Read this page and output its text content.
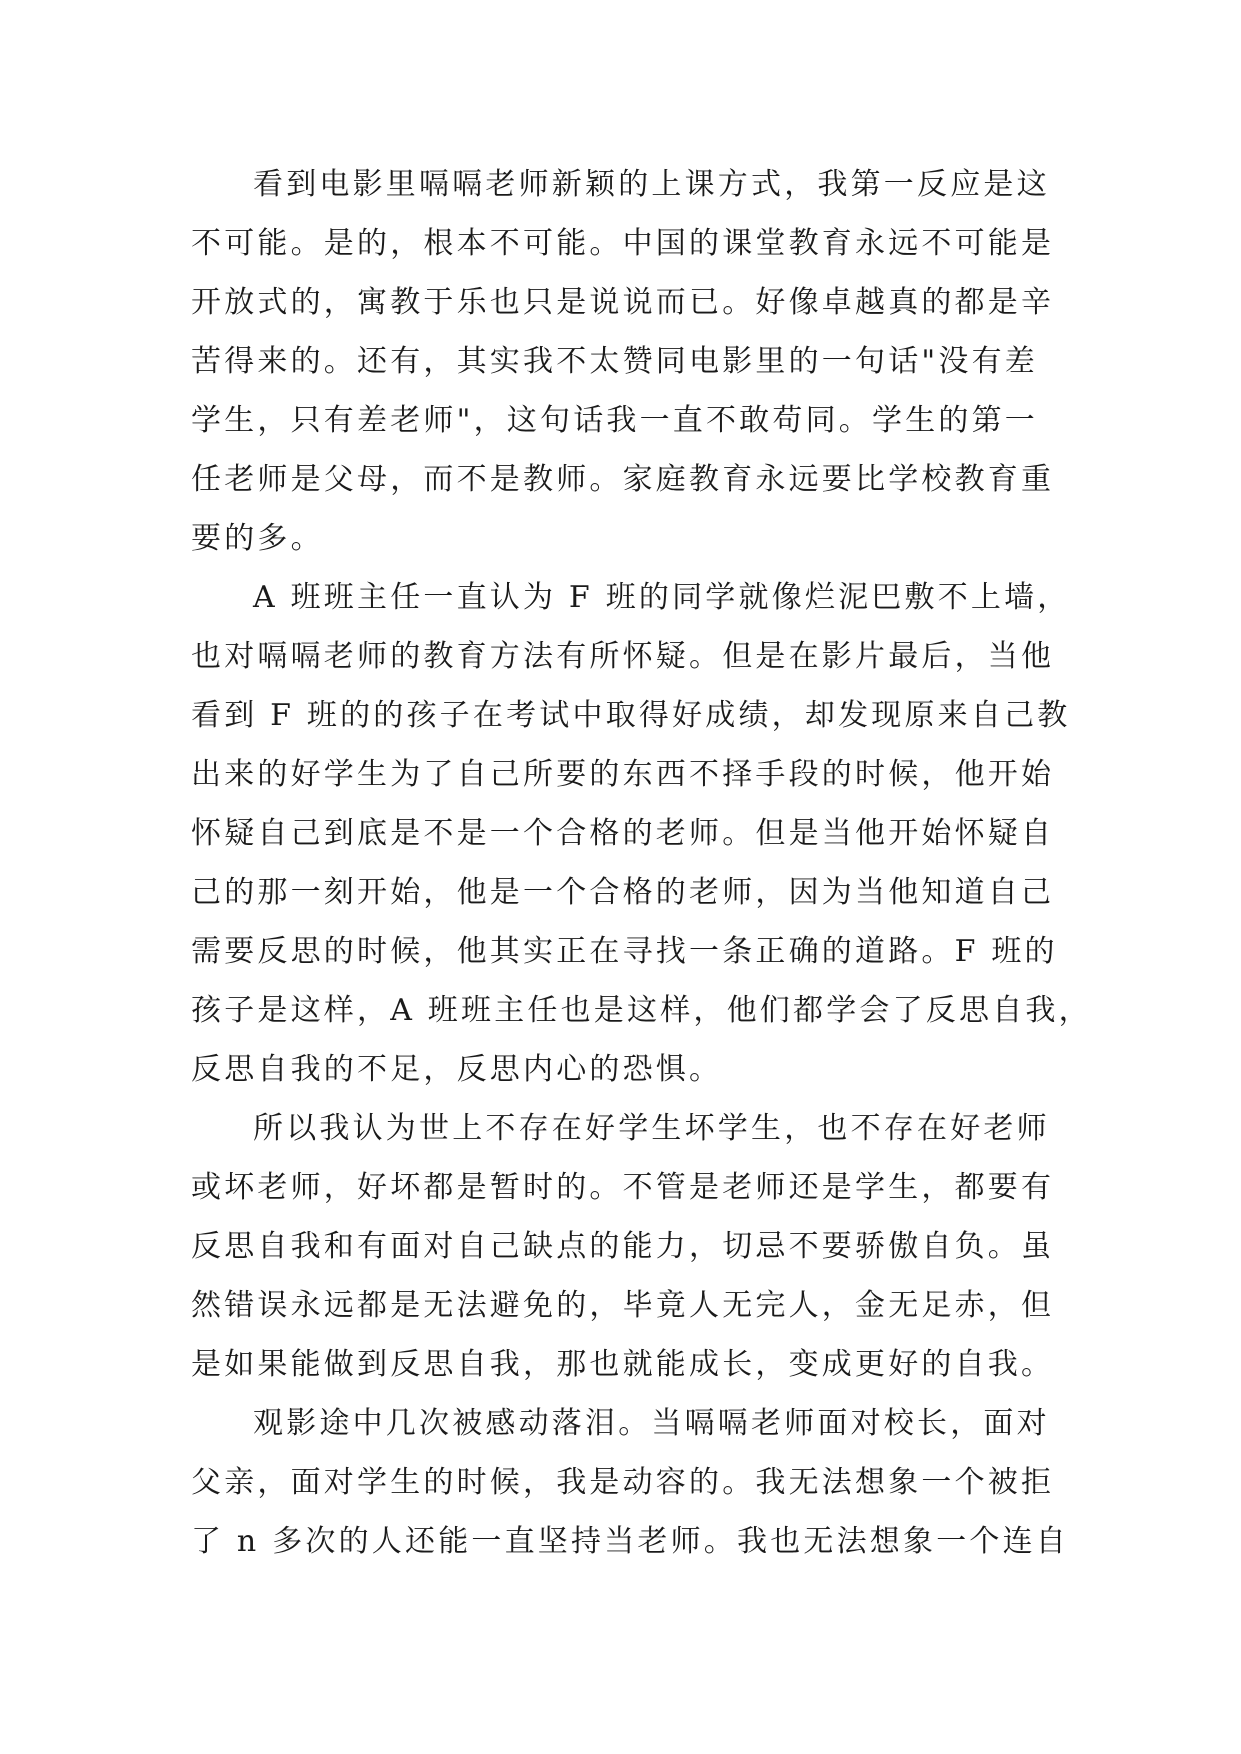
看到电影里嗝嗝老师新颖的上课方式，我第一反应是这
不可能。是的，根本不可能。中国的课堂教育永远不可能是
开放式的，寓教于乐也只是说说而已。好像卓越真的都是辛
苦得来的。还有，其实我不太赞同电影里的一句话"没有差
学生，只有差老师"，这句话我一直不敢苟同。学生的第一
任老师是父母，而不是教师。家庭教育永远要比学校教育重
要的多。
A 班班主任一直认为 F 班的同学就像烂泥巴敷不上墙，
也对嗝嗝老师的教育方法有所怀疑。但是在影片最后，当他
看到 F 班的的孩子在考试中取得好成绩，却发现原来自己教
出来的好学生为了自己所要的东西不择手段的时候，他开始
怀疑自己到底是不是一个合格的老师。但是当他开始怀疑自
己的那一刻开始，他是一个合格的老师，因为当他知道自己
需要反思的时候，他其实正在寻找一条正确的道路。F 班的
孩子是这样，A 班班主任也是这样，他们都学会了反思自我，
反思自我的不足，反思内心的恐惧。
所以我认为世上不存在好学生坏学生，也不存在好老师
或坏老师，好坏都是暂时的。不管是老师还是学生，都要有
反思自我和有面对自己缺点的能力，切忌不要骄傲自负。虽
然错误永远都是无法避免的，毕竟人无完人，金无足赤，但
是如果能做到反思自我，那也就能成长，变成更好的自我。
观影途中几次被感动落泪。当嗝嗝老师面对校长，面对
父亲，面对学生的时候，我是动容的。我无法想象一个被拒
了 n 多次的人还能一直坚持当老师。我也无法想象一个连自
